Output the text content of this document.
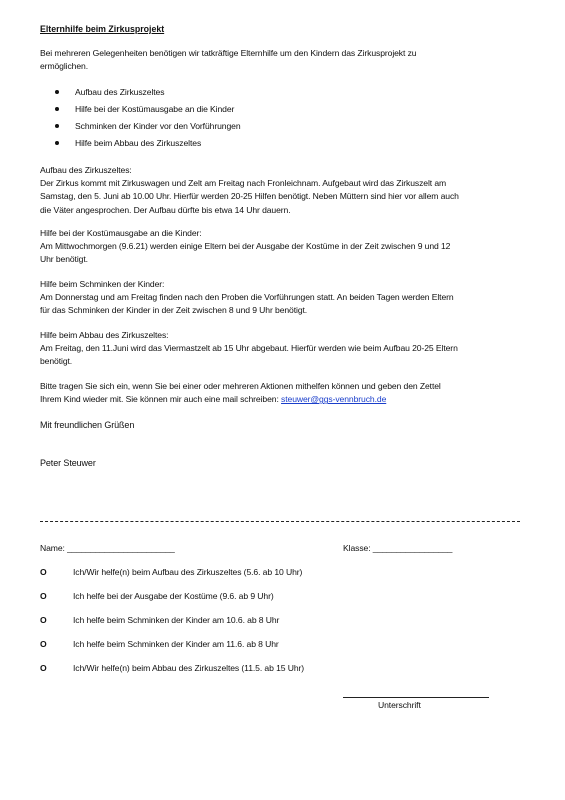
Elternhilfe beim Zirkusprojekt
Bei mehreren Gelegenheiten benötigen wir tatkräftige Elternhilfe um den Kindern das Zirkusprojekt zu
ermöglichen.
Aufbau des Zirkuszeltes
Hilfe bei der Kostümausgabe an die Kinder
Schminken der Kinder vor den Vorführungen
Hilfe beim Abbau des Zirkuszeltes
Aufbau des Zirkuszeltes:
Der Zirkus kommt mit Zirkuswagen und Zelt am Freitag nach Fronleichnam. Aufgebaut wird das Zirkuszelt am
Samstag, den 5. Juni ab 10.00 Uhr. Hierfür werden 20-25 Hilfen benötigt. Neben Müttern sind hier vor allem auch
die Väter angesprochen. Der Aufbau dürfte bis etwa 14 Uhr dauern.
Hilfe bei der Kostümausgabe an die Kinder:
Am Mittwochmorgen (9.6.21) werden einige Eltern bei der Ausgabe der Kostüme in der Zeit zwischen 9 und 12
Uhr benötigt.
Hilfe beim Schminken der Kinder:
Am Donnerstag und am Freitag finden nach den Proben die Vorführungen statt. An beiden Tagen werden Eltern
für das Schminken der Kinder in der Zeit zwischen 8 und 9 Uhr benötigt.
Hilfe beim Abbau des Zirkuszeltes:
Am Freitag, den 11.Juni wird das Viermastzelt ab 15 Uhr abgebaut. Hierfür werden wie beim Aufbau 20-25 Eltern
benötigt.
Bitte tragen Sie sich ein, wenn Sie bei einer oder mehreren Aktionen mithelfen können und geben den Zettel
Ihrem Kind wieder mit. Sie können mir auch eine mail schreiben: steuwer@ggs-vennbruch.de
Mit freundlichen Grüßen
Peter Steuwer
Name: _______________________	Klasse: _________________
O	Ich/Wir helfe(n) beim Aufbau des Zirkuszeltes (5.6. ab 10 Uhr)
O	Ich helfe bei der Ausgabe der Kostüme (9.6. ab 9 Uhr)
O	Ich helfe beim Schminken der Kinder am 10.6. ab 8 Uhr
O	Ich helfe beim Schminken der Kinder am 11.6. ab 8 Uhr
O	Ich/Wir helfe(n) beim Abbau des Zirkuszeltes (11.5. ab 15 Uhr)
Unterschrift
